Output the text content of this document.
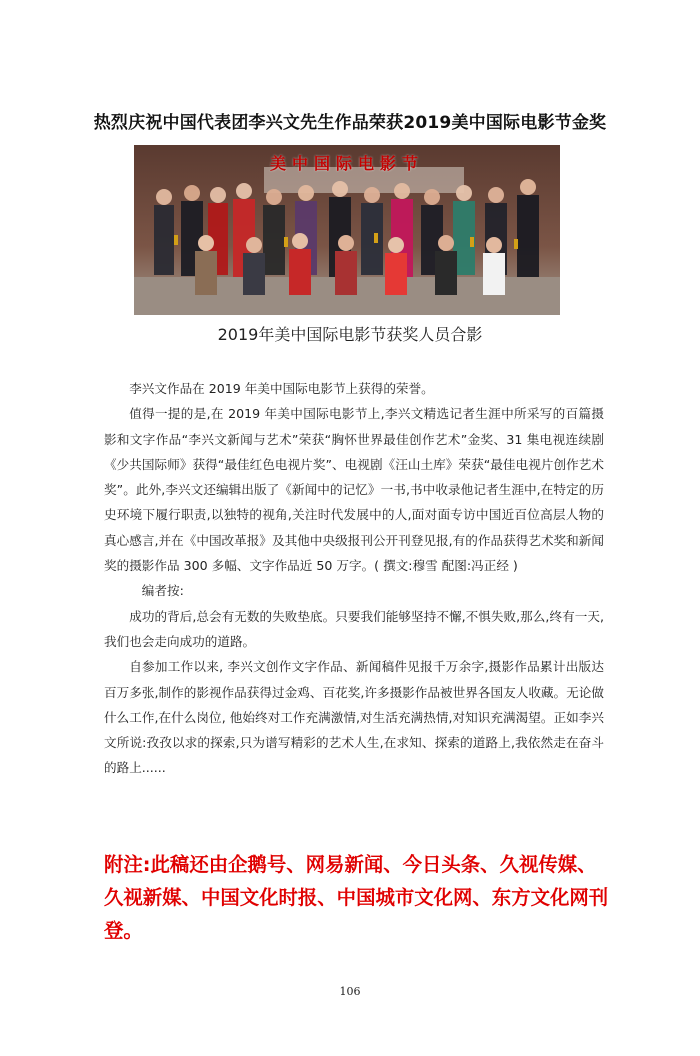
热烈庆祝中国代表团李兴文先生作品荣获2019美中国际电影节金奖
美中国际电影节
2019年美中国际电影节获奖人员合影

李兴文作品在 2019 年美中国际电影节上获得的荣誉。

值得一提的是,在 2019 年美中国际电影节上,李兴文精选记者生涯中所采写的百篇摄影和文字作品“李兴文新闻与艺术”荣获“胸怀世界最佳创作艺术”金奖、31 集电视连续剧《少共国际师》获得“最佳红色电视片奖”、电视剧《汪山土库》荣获“最佳电视片创作艺术奖”。此外,李兴文还编辑出版了《新闻中的记忆》一书,书中收录他记者生涯中,在特定的历史环境下履行职责,以独特的视角,关注时代发展中的人,面对面专访中国近百位高层人物的真心感言,并在《中国改革报》及其他中央级报刊公开刊登见报,有的作品获得艺术奖和新闻奖的摄影作品 300 多幅、文字作品近 50 万字。( 撰文:穆雪 配图:冯正经 )

编者按:

成功的背后,总会有无数的失败垫底。只要我们能够坚持不懈,不惧失败,那么,终有一天,我们也会走向成功的道路。

自参加工作以来, 李兴文创作文字作品、新闻稿件见报千万余字,摄影作品累计出版达百万多张,制作的影视作品获得过金鸡、百花奖,许多摄影作品被世界各国友人收藏。无论做什么工作,在什么岗位, 他始终对工作充满激情,对生活充满热情,对知识充满渴望。正如李兴文所说:孜孜以求的探索,只为谱写精彩的艺术人生,在求知、探索的道路上,我依然走在奋斗的路上......

附注:此稿还由企鹅号、网易新闻、今日头条、久视传媒、久视新媒、中国文化时报、中国城市文化网、东方文化网刊登。
106
